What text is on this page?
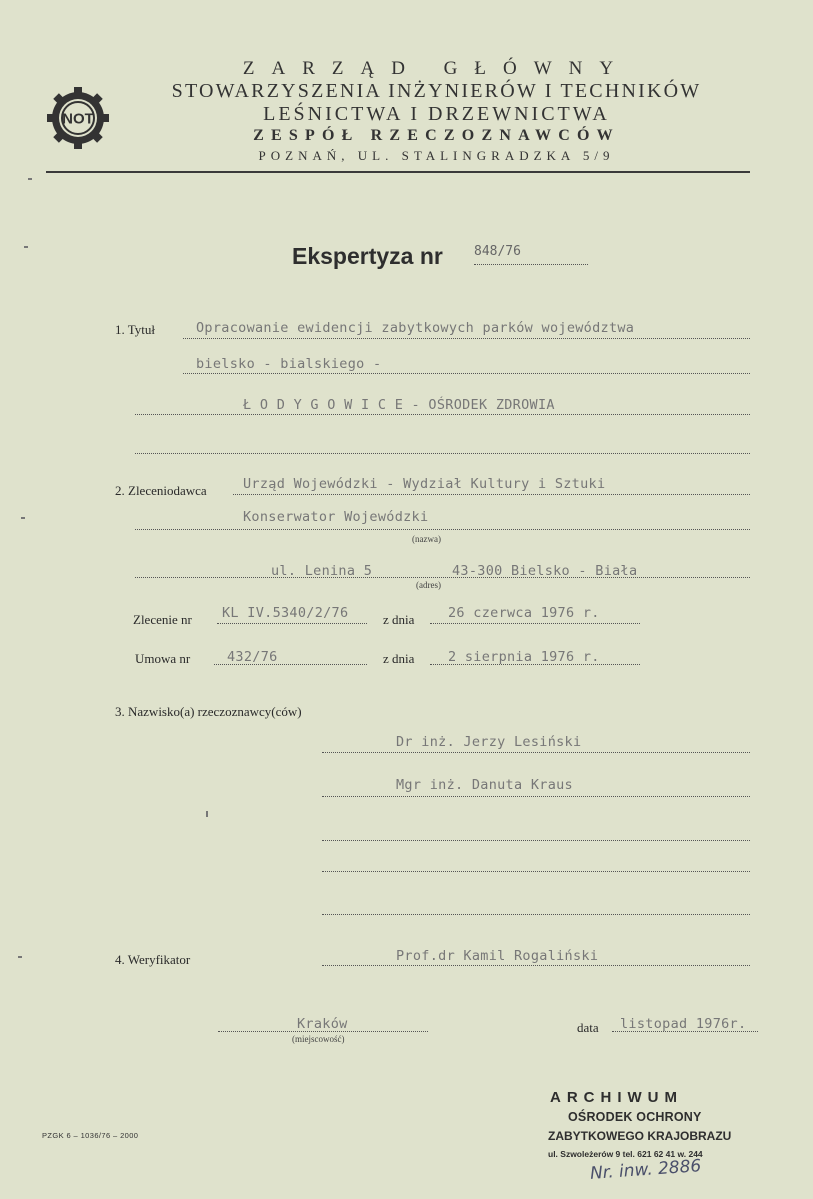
NOT
ZARZĄD GŁÓWNY
STOWARZYSZENIA INŻYNIERÓW I TECHNIKÓW
LEŚNICTWA I DRZEWNICTWA
ZESPÓŁ RZECZOZNAWCÓW
POZNAŃ, UL. STALINGRADZKA 5/9
Ekspertyza nr 848/76
1. Tytuł	Opracowanie ewidencji zabytkowych parków województwa
bielsko - bialskiego -
Ł O D Y G O W I C E - OŚRODEK ZDROWIA
2. Zleceniodawca	Urząd Wojewódzki - Wydział Kultury i Sztuki
Konserwator Wojewódzki
(nazwa)
ul. Lenina 5	43-300 Bielsko - Biała
(adres)
Zlecenie nr KL IV.5340/2/76	z dnia 26 czerwca 1976 r.
Umowa nr	432/76	z dnia 2 sierpnia 1976 r.
3. Nazwisko(a) rzeczoznawcy(ców)
Dr inż. Jerzy Lesiński
Mgr inż. Danuta Kraus
4. Weryfikator	Prof.dr Kamil Rogaliński
Kraków
(miejscowość)
data listopad 1976r.
PZGK 6 – 1036/76 – 2000
ARCHIWUM
OŚRODEK OCHRONY
ZABYTKOWEGO KRAJOBRAZU
ul. Szwoleżerów 9 tel. 621 62 41 w. 244
Nr. inw. 2886
